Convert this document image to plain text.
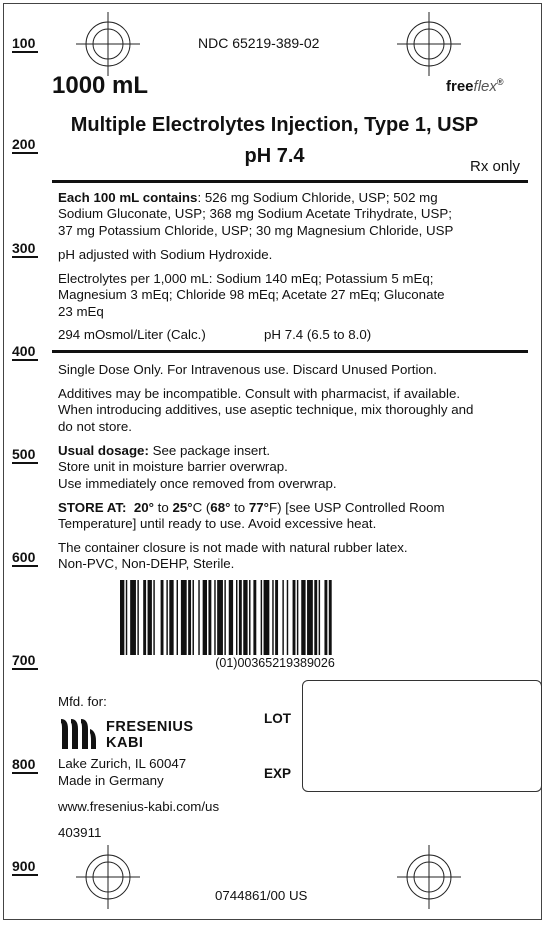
100
200
300
400
500
600
700
800
900
NDC 65219-389-02
1000 mL	freeflex®
Multiple Electrolytes Injection, Type 1, USP
pH 7.4	Rx only
Each 100 mL contains: 526 mg Sodium Chloride, USP; 502 mg
Sodium Gluconate, USP; 368 mg Sodium Acetate Trihydrate, USP;
37 mg Potassium Chloride, USP; 30 mg Magnesium Chloride, USP
pH adjusted with Sodium Hydroxide.
Electrolytes per 1,000 mL: Sodium 140 mEq; Potassium 5 mEq;
Magnesium 3 mEq; Chloride 98 mEq; Acetate 27 mEq; Gluconate
23 mEq
294 mOsmol/Liter (Calc.)	pH 7.4 (6.5 to 8.0)
Single Dose Only. For Intravenous use. Discard Unused Portion.
Additives may be incompatible. Consult with pharmacist, if available.
When introducing additives, use aseptic technique, mix thoroughly and
do not store.
Usual dosage: See package insert.
Store unit in moisture barrier overwrap.
Use immediately once removed from overwrap.
STORE AT: 20° to 25°C (68° to 77°F) [see USP Controlled Room
Temperature] until ready to use. Avoid excessive heat.
The container closure is not made with natural rubber latex.
Non-PVC, Non-DEHP, Sterile.
(01)00365219389026
Mfd. for:
FRESENIUS
KABI
Lake Zurich, IL 60047
Made in Germany
www.fresenius-kabi.com/us
403911
LOT
EXP
0744861/00 US
